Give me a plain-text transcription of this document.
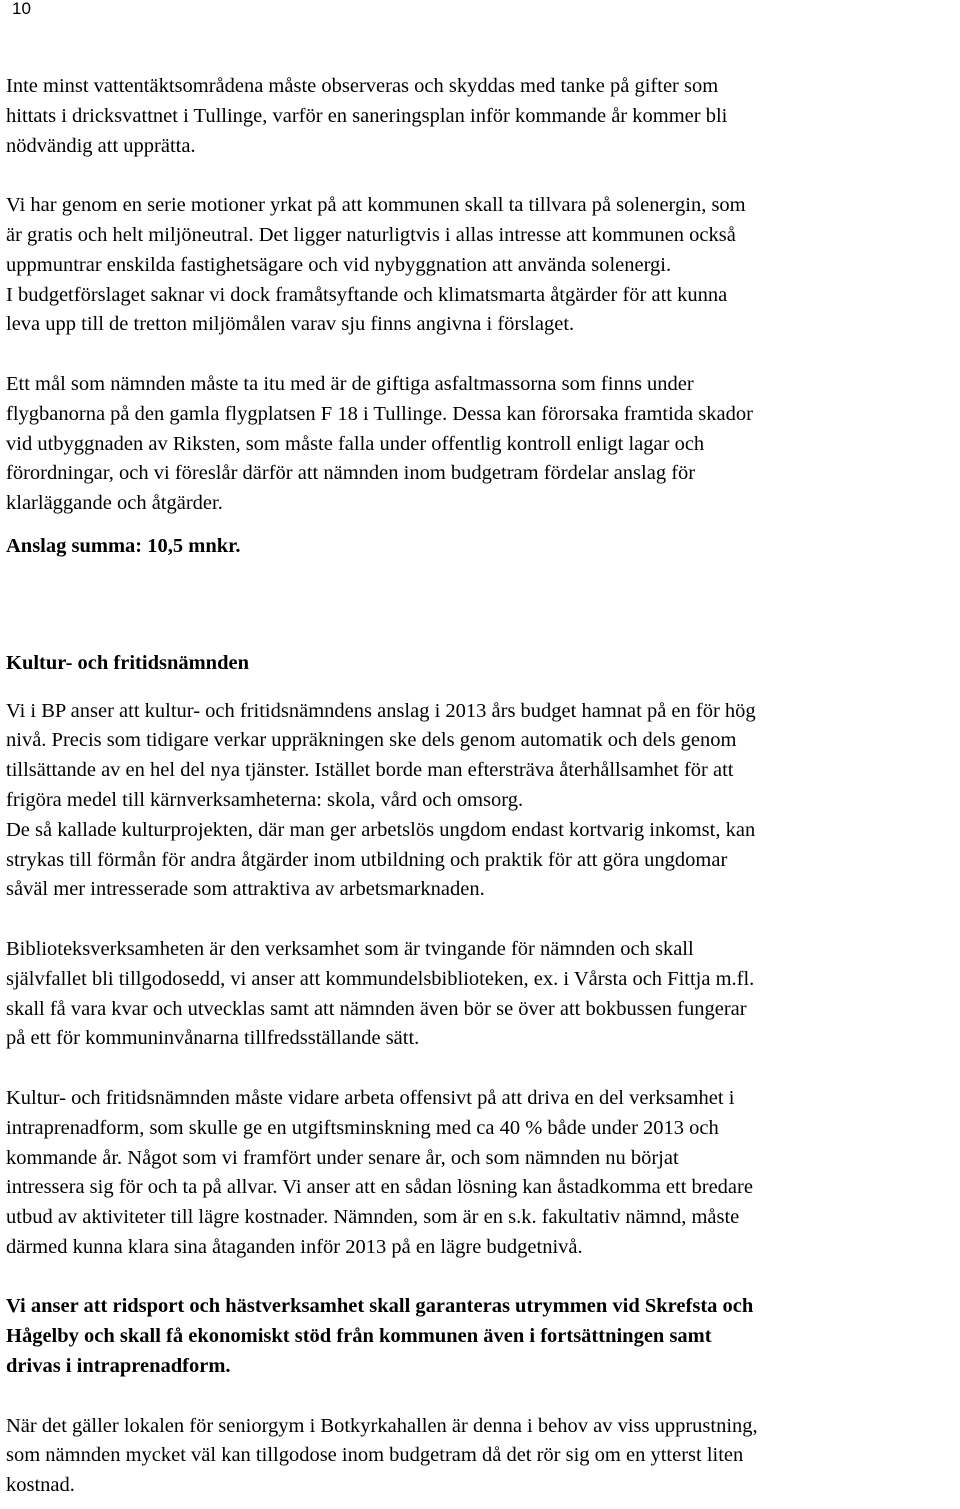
10

Inte minst vattentäktsområdena måste observeras och skyddas med tanke på gifter som

hittats i dricksvattnet i Tullinge, varför en saneringsplan inför kommande år kommer bli

nödvändig att upprätta.

Vi har genom en serie motioner yrkat på att kommunen skall ta tillvara på solenergin, som

är gratis och helt miljöneutral. Det ligger naturligtvis i allas intresse att kommunen också

uppmuntrar enskilda fastighetsägare och vid nybyggnation att använda solenergi.

I budgetförslaget saknar vi dock framåtsyftande och klimatsmarta åtgärder för att kunna

leva upp till de tretton miljömålen varav sju finns angivna i förslaget.

Ett mål som nämnden måste ta itu med är de giftiga asfaltmassorna som finns under

flygbanorna på den gamla flygplatsen F 18 i Tullinge. Dessa kan förorsaka framtida skador

vid utbyggnaden av Riksten, som måste falla under offentlig kontroll enligt lagar och

förordningar, och vi föreslår därför att nämnden inom budgetram fördelar anslag för

klarläggande och åtgärder.

Anslag summa: 10,5 mnkr.

Kultur- och fritidsnämnden

Vi i BP anser att kultur- och fritidsnämndens anslag i 2013 års budget hamnat på en för hög

nivå. Precis som tidigare verkar uppräkningen ske dels genom automatik och dels genom

tillsättande av en hel del nya tjänster. Istället borde man eftersträva återhållsamhet för att

frigöra medel till kärnverksamheterna: skola, vård och omsorg.

De så kallade kulturprojekten, där man ger arbetslös ungdom endast kortvarig inkomst, kan

strykas till förmån för andra åtgärder inom utbildning och praktik för att göra ungdomar

såväl mer intresserade som attraktiva av arbetsmarknaden.

Biblioteksverksamheten är den verksamhet som är tvingande för nämnden och skall

självfallet bli tillgodosedd, vi anser att kommundelsbiblioteken, ex. i Vårsta och Fittja m.fl.

skall få vara kvar och utvecklas samt att nämnden även bör se över att bokbussen fungerar

på ett för kommuninvånarna tillfredsställande sätt.

Kultur- och fritidsnämnden måste vidare arbeta offensivt på att driva en del verksamhet i

intraprenadform, som skulle ge en utgiftsminskning med ca 40 % både under 2013 och

kommande år. Något som vi framfört under senare år, och som nämnden nu börjat

intressera sig för och ta på allvar. Vi anser att en sådan lösning kan åstadkomma ett bredare

utbud av aktiviteter till lägre kostnader. Nämnden, som är en s.k. fakultativ nämnd, måste

därmed kunna klara sina åtaganden inför 2013 på en lägre budgetnivå.

Vi anser att ridsport och hästverksamhet skall garanteras utrymmen vid Skrefsta och

Hågelby och skall få ekonomiskt stöd från kommunen även i fortsättningen samt

drivas i intraprenadform.

När det gäller lokalen för seniorgym i Botkyrkahallen är denna i behov av viss upprustning,

som nämnden mycket väl kan tillgodose inom budgetram då det rör sig om en ytterst liten

kostnad.
